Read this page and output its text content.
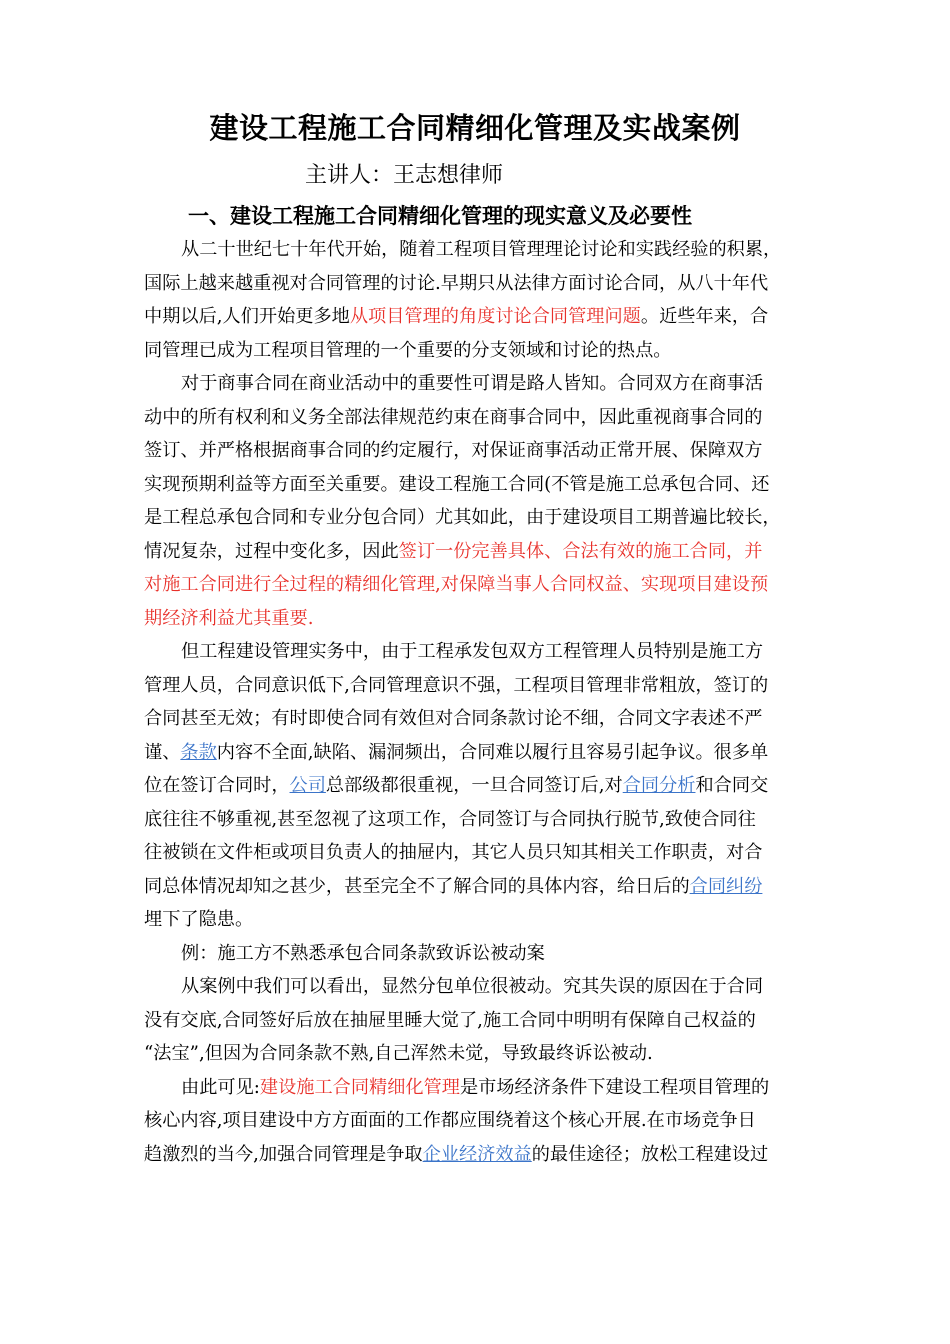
建设工程施工合同精细化管理及实战案例
主讲人：王志想律师
一、建设工程施工合同精细化管理的现实意义及必要性
从二十世纪七十年代开始，随着工程项目管理理论讨论和实践经验的积累，
国际上越来越重视对合同管理的讨论.早期只从法律方面讨论合同，从八十年代
中期以后,人们开始更多地从项目管理的角度讨论合同管理问题。近些年来，合
同管理已成为工程项目管理的一个重要的分支领域和讨论的热点。
对于商事合同在商业活动中的重要性可谓是路人皆知。合同双方在商事活
动中的所有权利和义务全部法律规范约束在商事合同中，因此重视商事合同的
签订、并严格根据商事合同的约定履行，对保证商事活动正常开展、保障双方
实现预期利益等方面至关重要。建设工程施工合同(不管是施工总承包合同、还
是工程总承包合同和专业分包合同）尤其如此，由于建设项目工期普遍比较长，
情况复杂，过程中变化多，因此签订一份完善具体、合法有效的施工合同，并
对施工合同进行全过程的精细化管理,对保障当事人合同权益、实现项目建设预
期经济利益尤其重要.
但工程建设管理实务中，由于工程承发包双方工程管理人员特别是施工方
管理人员，合同意识低下,合同管理意识不强，工程项目管理非常粗放，签订的
合同甚至无效；有时即使合同有效但对合同条款讨论不细，合同文字表述不严
谨、条款内容不全面,缺陷、漏洞频出，合同难以履行且容易引起争议。很多单
位在签订合同时，公司总部级都很重视，一旦合同签订后,对合同分析和合同交
底往往不够重视,甚至忽视了这项工作，合同签订与合同执行脱节,致使合同往
往被锁在文件柜或项目负责人的抽屉内，其它人员只知其相关工作职责，对合
同总体情况却知之甚少，甚至完全不了解合同的具体内容，给日后的合同纠纷
埋下了隐患。
例：施工方不熟悉承包合同条款致诉讼被动案
从案例中我们可以看出，显然分包单位很被动。究其失误的原因在于合同
没有交底,合同签好后放在抽屉里睡大觉了,施工合同中明明有保障自己权益的
“法宝”,但因为合同条款不熟,自己浑然未觉，导致最终诉讼被动.
由此可见:建设施工合同精细化管理是市场经济条件下建设工程项目管理的
核心内容,项目建设中方方面面的工作都应围绕着这个核心开展.在市场竞争日
趋激烈的当今,加强合同管理是争取企业经济效益的最佳途径；放松工程建设过
